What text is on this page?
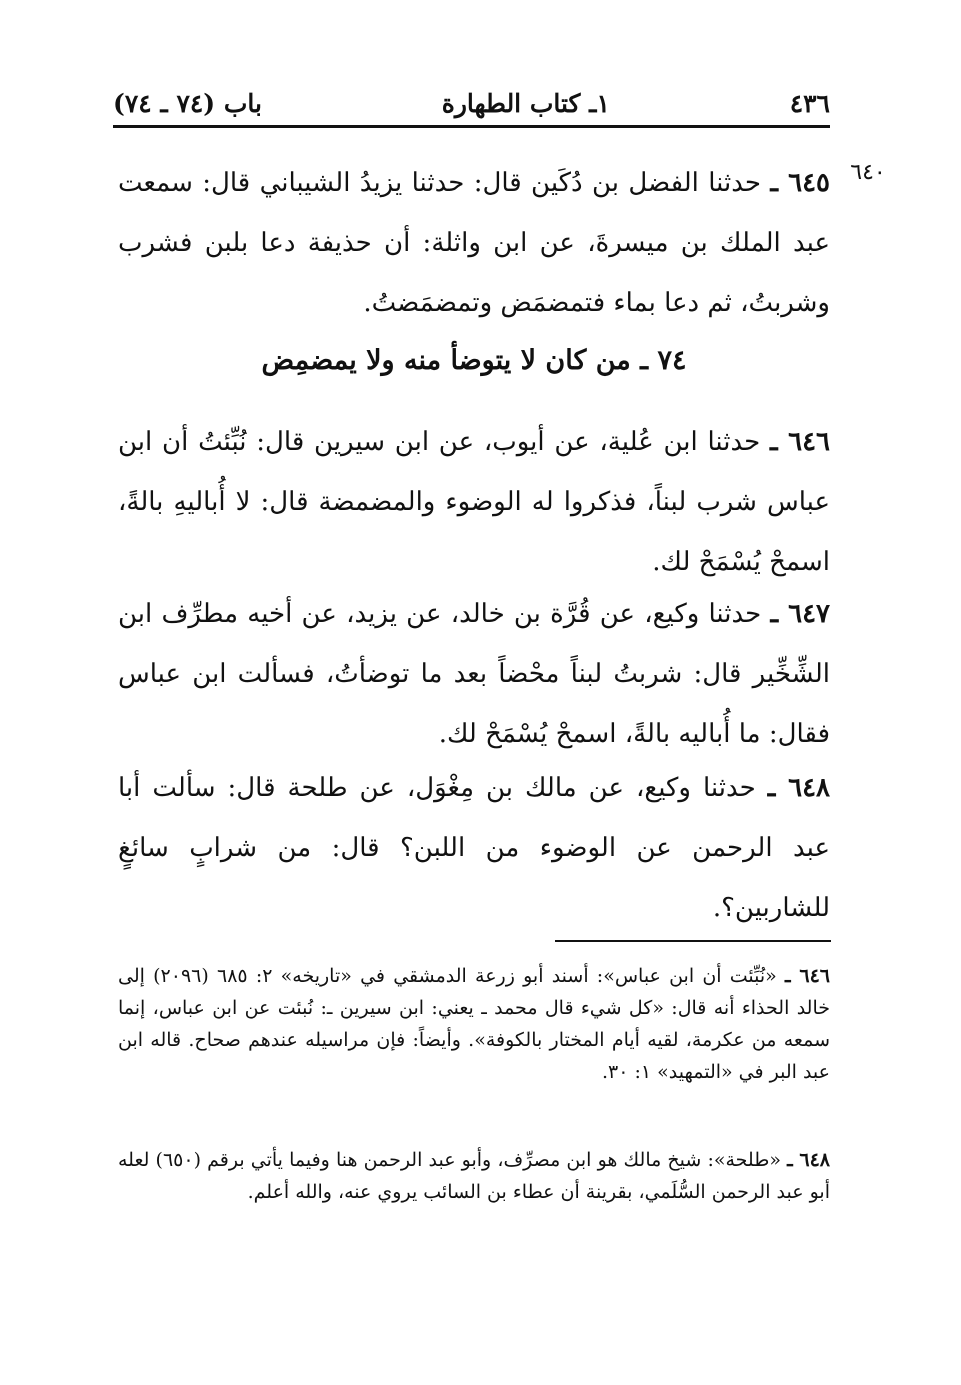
٤٣٦
١ـ كتاب الطهارة
باب (٧٤ ـ ٧٤)
٦٤٠
٦٤٥ ـ حدثنا الفضل بن دُكَين قال: حدثنا يزيدُ الشيباني قال: سمعت عبد الملك بن ميسرةَ، عن ابن واثلة: أن حذيفة دعا بلبن فشرب وشربتُ، ثم دعا بماء فتمضمَض وتمضمَضتُ.
٧٤ ـ من كان لا يتوضأ منه ولا يمضمِض
٦٤٦ ـ حدثنا ابن عُلية، عن أيوب، عن ابن سيرين قال: نُبِّئتُ أن ابن عباس شرب لبناً، فذكروا له الوضوء والمضمضة قال: لا أُباليهِ بالةً، اسمحْ يُسْمَحْ لك.
٦٤٧ ـ حدثنا وكيع، عن قُرَّة بن خالد، عن يزيد، عن أخيه مطرِّف ابن الشِّخِّير قال: شربتُ لبناً محْضاً بعد ما توضأتُ، فسألت ابن عباس فقال: ما أُباليه بالةً، اسمحْ يُسْمَحْ لك.
٦٤٨ ـ حدثنا وكيع، عن مالك بن مِغْوَل، عن طلحة قال: سألت أبا عبد الرحمن عن الوضوء من اللبن؟ قال: من شرابٍ سائغٍ للشاربين؟.
٦٤٦ ـ «نُبِّئت أن ابن عباس»: أسند أبو زرعة الدمشقي في «تاريخه» ٢: ٦٨٥ (٢٠٩٦) إلى خالد الحذاء أنه قال: «كل شيء قال محمد ـ يعني: ابن سيرين ـ: نُبئت عن ابن عباس، إنما سمعه من عكرمة، لقيه أيام المختار بالكوفة». وأيضاً: فإن مراسيله عندهم صحاح. قاله ابن عبد البر في «التمهيد» ١: ٣٠.
٦٤٨ ـ «طلحة»: شيخ مالك هو ابن مصرِّف، وأبو عبد الرحمن هنا وفيما يأتي برقم (٦٥٠) لعله أبو عبد الرحمن السُّلَمي، بقرينة أن عطاء بن السائب يروي عنه، والله أعلم.
